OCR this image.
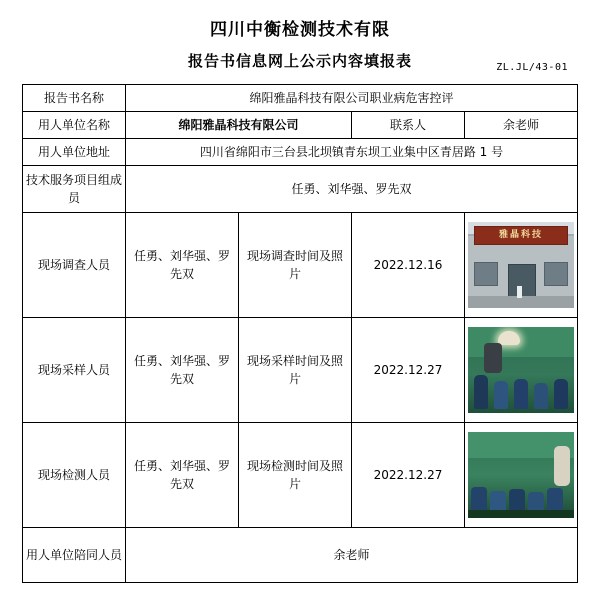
四川中衡检测技术有限
报告书信息网上公示内容填报表	ZL.JL/43-01
报告书名称	绵阳雅晶科技有限公司职业病危害控评			
用人单位名称	绵阳雅晶科技有限公司		联系人	余老师
用人单位地址	四川省绵阳市三台县北坝镇青东坝工业集中区青居路 1 号			
技术服务项目组成员	任勇、刘华强、罗先双			
现场调查人员	任勇、刘华强、罗先双	现场调查时间及照片	2022.12.16	雅晶科技

现场采样人员	任勇、刘华强、罗先双	现场采样时间及照片	2022.12.27	

现场检测人员	任勇、刘华强、罗先双	现场检测时间及照片	2022.12.27	

用人单位陪同人员	余老师			
